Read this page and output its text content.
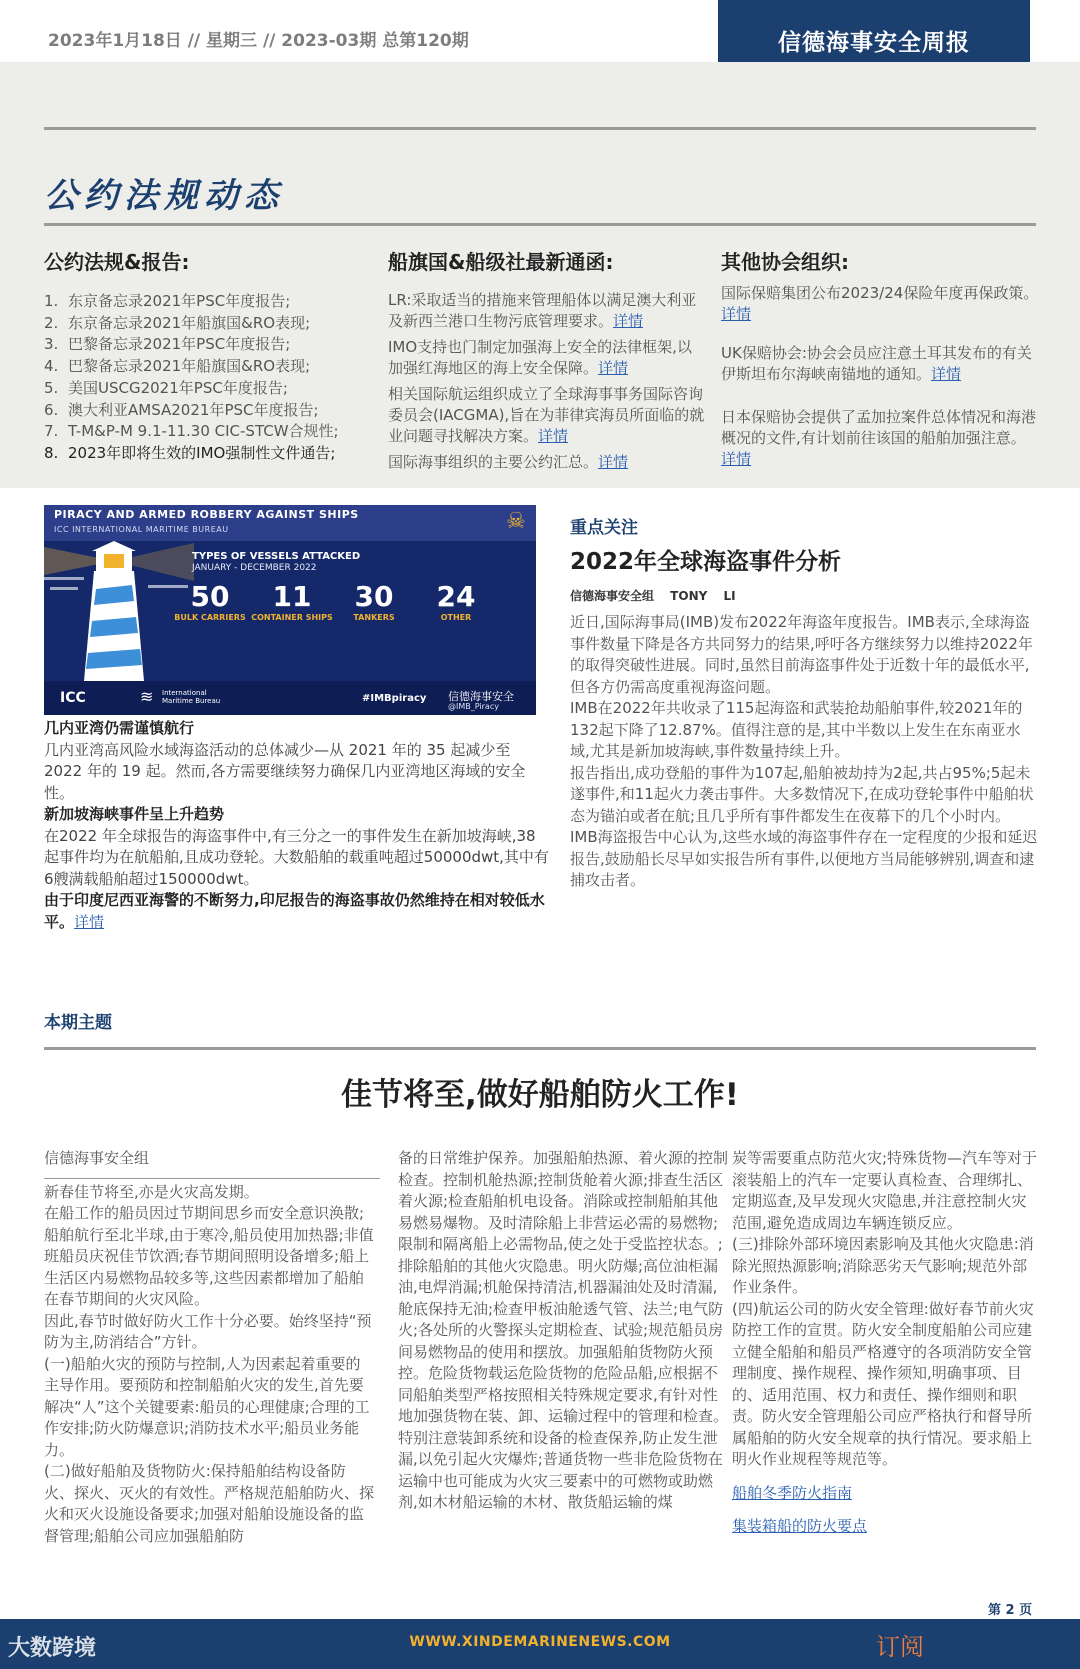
2023年1月18日 // 星期三 // 2023-03期 总第120期	信德海事安全周报
公约法规动态
公约法规&报告:
1. 东京备忘录2021年PSC年度报告;
2. 东京备忘录2021年船旗国&RO表现;
3. 巴黎备忘录2021年PSC年度报告;
4. 巴黎备忘录2021年船旗国&RO表现;
5. 美国USCG2021年PSC年度报告;
6. 澳大利亚AMSA2021年PSC年度报告;
7. T-M&P-M 9.1-11.30 CIC-STCW合规性;
8. 2023年即将生效的IMO强制性文件通告;
船旗国&船级社最新通函:

LR:采取适当的措施来管理船体以满足澳大利亚及新西兰港口生物污底管理要求。详情

IMO支持也门制定加强海上安全的法律框架,以加强红海地区的海上安全保障。详情

相关国际航运组织成立了全球海事事务国际咨询委员会(IACGMA),旨在为菲律宾海员所面临的就业问题寻找解决方案。详情

国际海事组织的主要公约汇总。详情

其他协会组织:

国际保赔集团公布2023/24保险年度再保政策。详情

UK保赔协会:协会会员应注意土耳其发布的有关伊斯坦布尔海峡南锚地的通知。详情

日本保赔协会提供了孟加拉案件总体情况和海港概况的文件,有计划前往该国的船舶加强注意。详情

PIRACY AND ARMED ROBBERY AGAINST SHIPS
ICC INTERNATIONAL MARITIME BUREAU	☠
TYPES OF VESSELS ATTACKED
JANUARY - DECEMBER 2022
50
BULK CARRIERS
11
CONTAINER SHIPS
30
TANKERS
24
OTHER
ICC	≋ International Maritime Bureau	#IMBpiracy 信德海事安全
@IMB_Piracy

几内亚湾仍需谨慎航行

几内亚湾高风险水域海盗活动的总体减少—从 2021 年的 35 起减少至 2022 年的 19 起。然而,各方需要继续努力确保几内亚湾地区海域的安全性。

新加坡海峡事件呈上升趋势

在2022 年全球报告的海盗事件中,有三分之一的事件发生在新加坡海峡,38起事件均为在航船舶,且成功登轮。大数船舶的载重吨超过50000dwt,其中有6艘满载船舶超过150000dwt。

由于印度尼西亚海警的不断努力,印尼报告的海盗事故仍然维持在相对较低水平。详情

重点关注
2022年全球海盗事件分析
信德海事安全组 TONY LI

近日,国际海事局(IMB)发布2022年海盗年度报告。IMB表示,全球海盗事件数量下降是各方共同努力的结果,呼吁各方继续努力以维持2022年的取得突破性进展。同时,虽然目前海盗事件处于近数十年的最低水平,但各方仍需高度重视海盗问题。

IMB在2022年共收录了115起海盗和武装抢劫船舶事件,较2021年的132起下降了12.87%。值得注意的是,其中半数以上发生在东南亚水域,尤其是新加坡海峡,事件数量持续上升。

报告指出,成功登船的事件为107起,船舶被劫持为2起,共占95%;5起未遂事件,和11起火力袭击事件。大多数情况下,在成功登轮事件中船舶状态为锚泊或者在航;且几乎所有事件都发生在夜幕下的几个小时内。

IMB海盗报告中心认为,这些水域的海盗事件存在一定程度的少报和延迟报告,鼓励船长尽早如实报告所有事件,以便地方当局能够辨别,调查和逮捕攻击者。

本期主题
佳节将至,做好船舶防火工作!

信德海事安全组

新春佳节将至,亦是火灾高发期。

在船工作的船员因过节期间思乡而安全意识涣散;船舶航行至北半球,由于寒冷,船员使用加热器;非值班船员庆祝佳节饮酒;春节期间照明设备增多;船上生活区内易燃物品较多等,这些因素都增加了船舶在春节期间的火灾风险。

因此,春节时做好防火工作十分必要。始终坚持“预防为主,防消结合”方针。

(一)船舶火灾的预防与控制,人为因素起着重要的主导作用。要预防和控制船舶火灾的发生,首先要解决“人”这个关键要素:船员的心理健康;合理的工作安排;防火防爆意识;消防技术水平;船员业务能力。

(二)做好船舶及货物防火:保持船舶结构设备防火、探火、灭火的有效性。严格规范船舶防火、探火和灭火设施设备要求;加强对船舶设施设备的监督管理;船舶公司应加强船舶防

备的日常维护保养。加强船舶热源、着火源的控制检查。控制机舱热源;控制货舱着火源;排查生活区着火源;检查船舶机电设备。消除或控制船舶其他易燃易爆物。及时清除船上非营运必需的易燃物;限制和隔离船上必需物品,使之处于受监控状态。;排除船舶的其他火灾隐患。明火防爆;高位油柜漏油,电焊消漏;机舱保持清洁,机器漏油处及时清漏,舱底保持无油;检查甲板油舱透气管、法兰;电气防火;各处所的火警探头定期检查、试验;规范船员房间易燃物品的使用和摆放。加强船舶货物防火预控。危险货物载运危险货物的危险品船,应根据不同船舶类型严格按照相关特殊规定要求,有针对性地加强货物在装、卸、运输过程中的管理和检查。特别注意装卸系统和设备的检查保养,防止发生泄漏,以免引起火灾爆炸;普通货物一些非危险货物在运输中也可能成为火灾三要素中的可燃物或助燃剂,如木材船运输的木材、散货船运输的煤

炭等需要重点防范火灾;特殊货物—汽车等对于滚装船上的汽车一定要认真检查、合理绑扎、定期巡查,及早发现火灾隐患,并注意控制火灾范围,避免造成周边车辆连锁反应。

(三)排除外部环境因素影响及其他火灾隐患:消除光照热源影响;消除恶劣天气影响;规范外部作业条件。

(四)航运公司的防火安全管理:做好春节前火灾防控工作的宣贯。防火安全制度船舶公司应建立健全船舶和船员严格遵守的各项消防安全管理制度、操作规程、操作须知,明确事项、目的、适用范围、权力和责任、操作细则和职责。防火安全管理船公司应严格执行和督导所属船舶的防火安全规章的执行情况。要求船上明火作业规程等规范等。

船舶冬季防火指南

集装箱船的防火要点

第 2 页
大数跨境	WWW.XINDEMARINENEWS.COM	订阅
